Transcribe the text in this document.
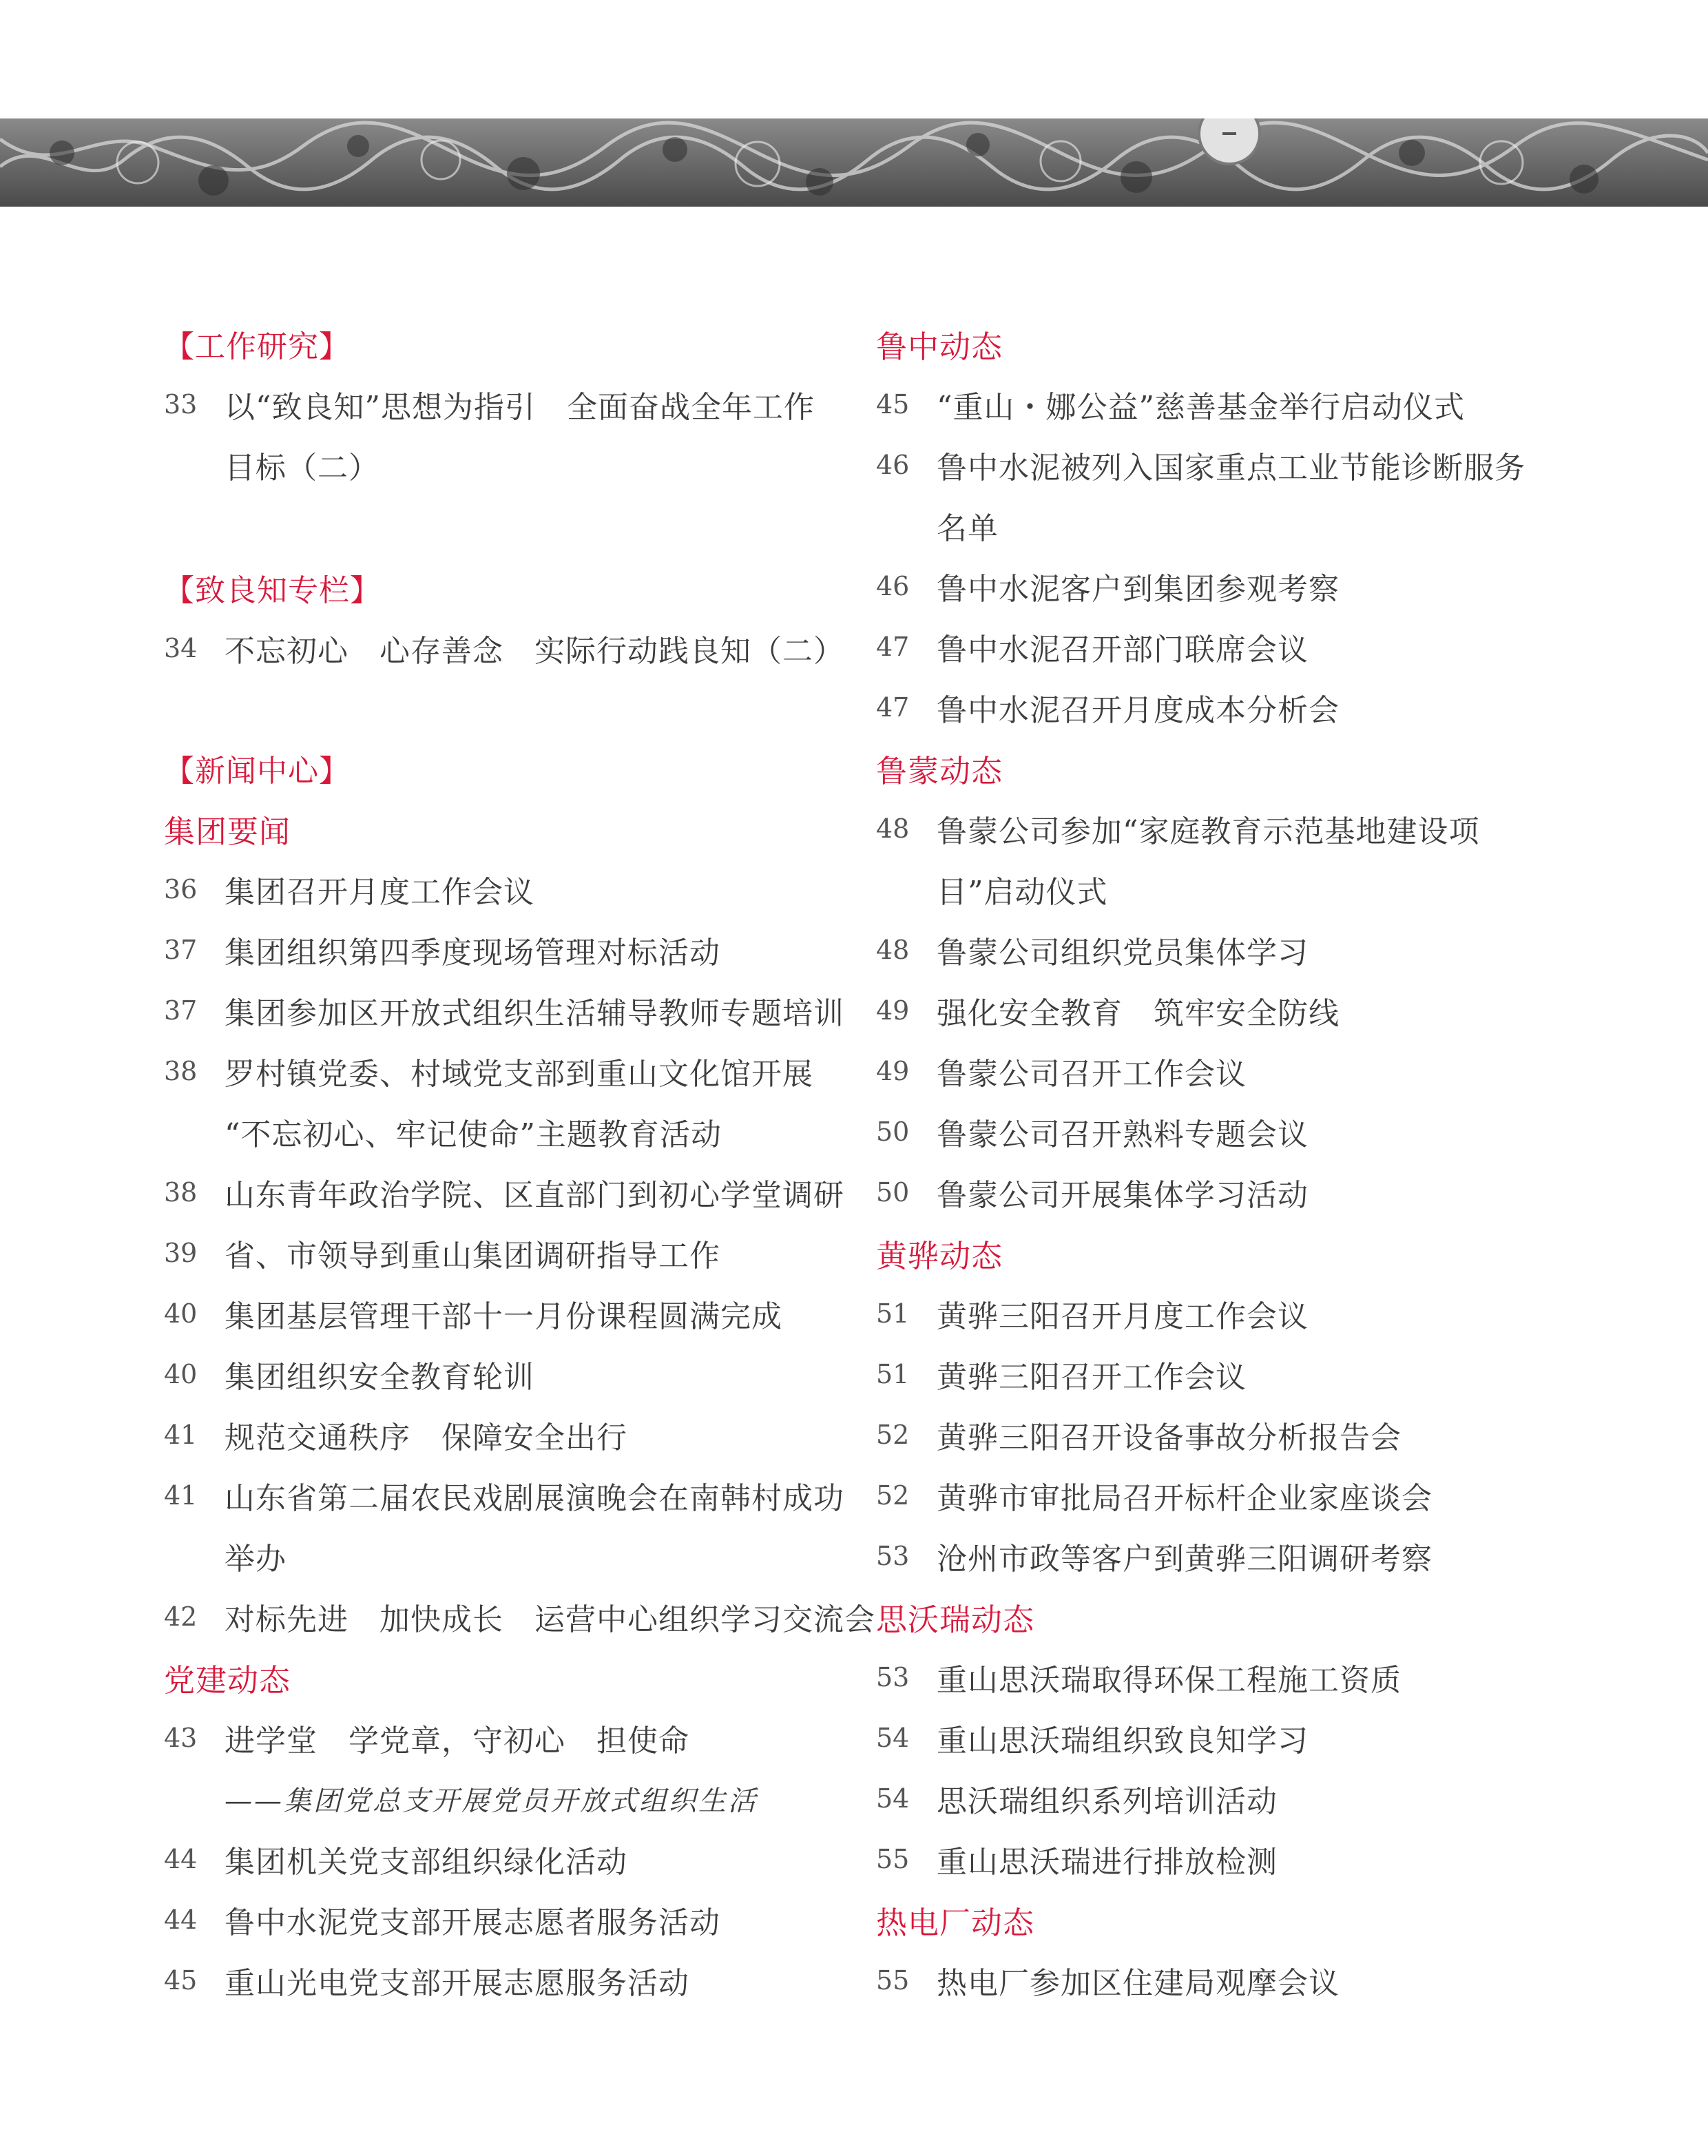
【工作研究】
33 以“致良知”思想为指引　全面奋战全年工作
目标（二）
【致良知专栏】
34 不忘初心　心存善念　实际行动践良知（二）
【新闻中心】
集团要闻
36 集团召开月度工作会议
37 集团组织第四季度现场管理对标活动
37 集团参加区开放式组织生活辅导教师专题培训
38 罗村镇党委、村域党支部到重山文化馆开展
“不忘初心、牢记使命”主题教育活动
38 山东青年政治学院、区直部门到初心学堂调研
39 省、市领导到重山集团调研指导工作
40 集团基层管理干部十一月份课程圆满完成
40 集团组织安全教育轮训
41 规范交通秩序　保障安全出行
41 山东省第二届农民戏剧展演晚会在南韩村成功
举办
42 对标先进　加快成长　运营中心组织学习交流会
党建动态
43 进学堂　学党章，守初心　担使命
——集团党总支开展党员开放式组织生活
44 集团机关党支部组织绿化活动
44 鲁中水泥党支部开展志愿者服务活动
45 重山光电党支部开展志愿服务活动
鲁中动态
45 “重山・娜公益”慈善基金举行启动仪式
46 鲁中水泥被列入国家重点工业节能诊断服务
名单
46 鲁中水泥客户到集团参观考察
47 鲁中水泥召开部门联席会议
47 鲁中水泥召开月度成本分析会
鲁蒙动态
48 鲁蒙公司参加“家庭教育示范基地建设项
目”启动仪式
48 鲁蒙公司组织党员集体学习
49 强化安全教育　筑牢安全防线
49 鲁蒙公司召开工作会议
50 鲁蒙公司召开熟料专题会议
50 鲁蒙公司开展集体学习活动
黄骅动态
51 黄骅三阳召开月度工作会议
51 黄骅三阳召开工作会议
52 黄骅三阳召开设备事故分析报告会
52 黄骅市审批局召开标杆企业家座谈会
53 沧州市政等客户到黄骅三阳调研考察
思沃瑞动态
53 重山思沃瑞取得环保工程施工资质
54 重山思沃瑞组织致良知学习
54 思沃瑞组织系列培训活动
55 重山思沃瑞进行排放检测
热电厂动态
55 热电厂参加区住建局观摩会议
